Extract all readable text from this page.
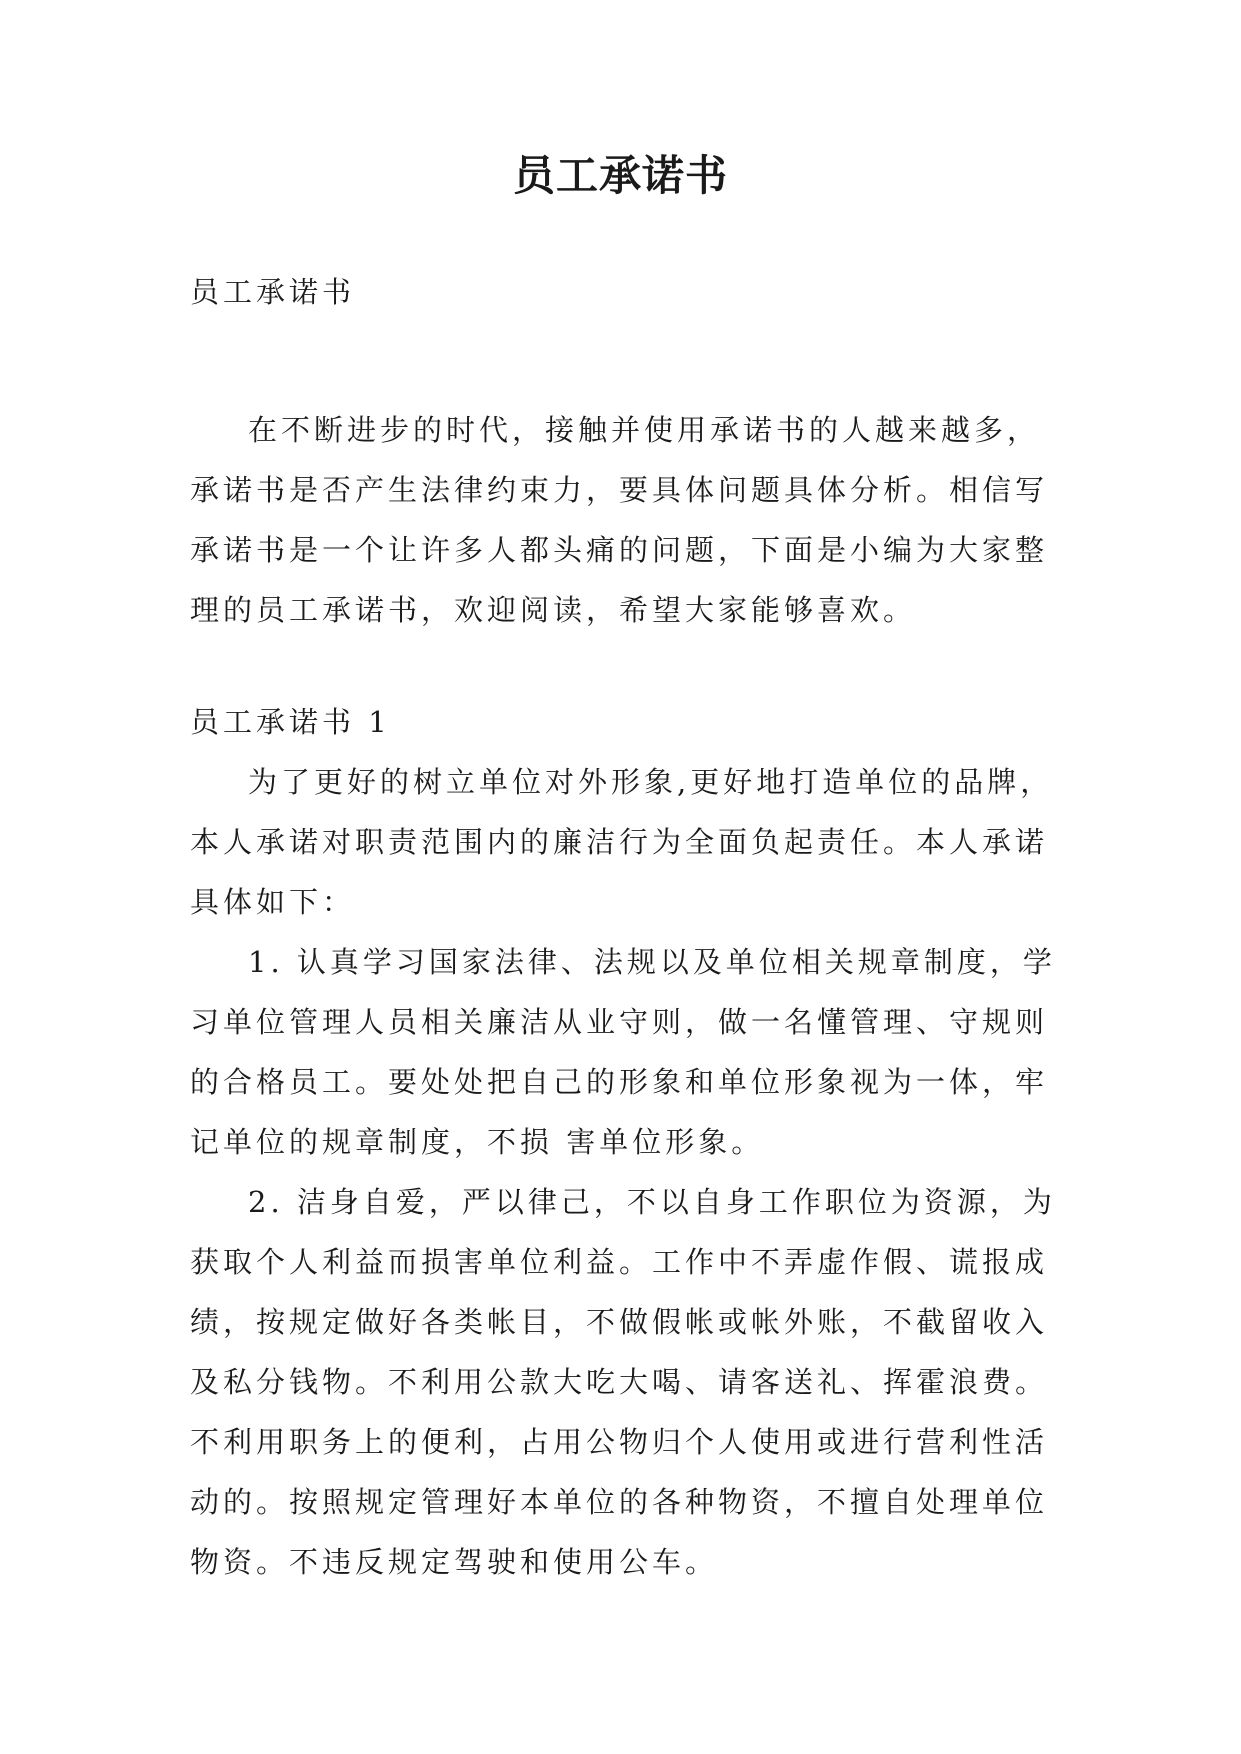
员工承诺书

员工承诺书

在不断进步的时代，接触并使用承诺书的人越来越多，承诺书是否产生法律约束力，要具体问题具体分析。相信写承诺书是一个让许多人都头痛的问题，下面是小编为大家整理的员工承诺书，欢迎阅读，希望大家能够喜欢。

员工承诺书 1

为了更好的树立单位对外形象,更好地打造单位的品牌，本人承诺对职责范围内的廉洁行为全面负起责任。本人承诺具体如下：

1. 认真学习国家法律、法规以及单位相关规章制度，学习单位管理人员相关廉洁从业守则，做一名懂管理、守规则的合格员工。要处处把自己的形象和单位形象视为一体，牢记单位的规章制度，不损 害单位形象。

2. 洁身自爱，严以律己，不以自身工作职位为资源，为获取个人利益而损害单位利益。工作中不弄虚作假、谎报成绩，按规定做好各类帐目，不做假帐或帐外账，不截留收入及私分钱物。不利用公款大吃大喝、请客送礼、挥霍浪费。不利用职务上的便利，占用公物归个人使用或进行营利性活动的。按照规定管理好本单位的各种物资，不擅自处理单位物资。不违反规定驾驶和使用公车。
